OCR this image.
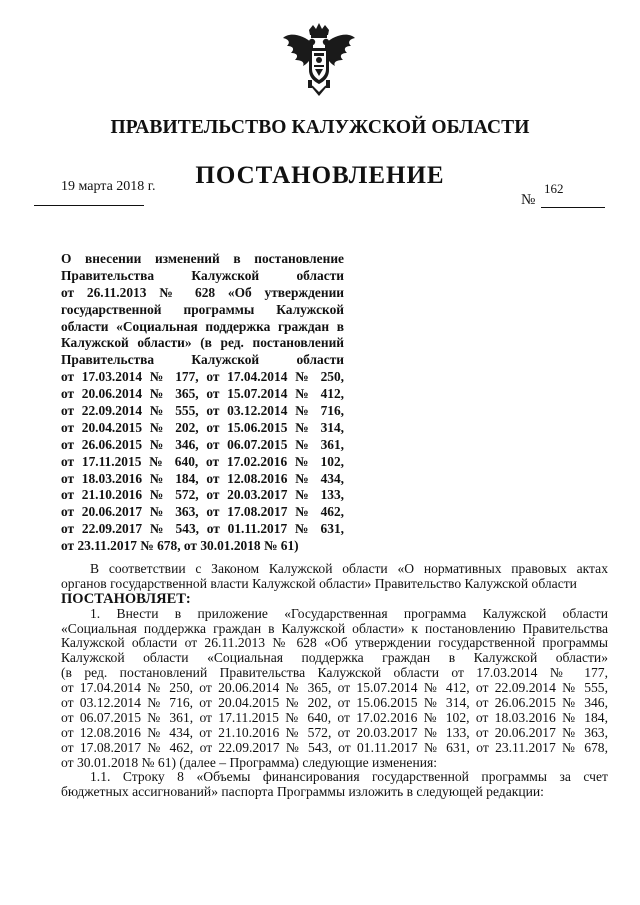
ПРАВИТЕЛЬСТВО КАЛУЖСКОЙ ОБЛАСТИ
ПОСТАНОВЛЕНИЕ
19 марта 2018 г.
№
162
О внесении изменений в постановление
Правительства Калужской области
от 26.11.2013 № 628 «Об утверждении
государственной программы Калужской
области «Социальная поддержка граждан в
Калужской области» (в ред. постановлений
Правительства Калужской области
от 17.03.2014 № 177, от 17.04.2014 № 250,
от 20.06.2014 № 365, от 15.07.2014 № 412,
от 22.09.2014 № 555, от 03.12.2014 № 716,
от 20.04.2015 № 202, от 15.06.2015 № 314,
от 26.06.2015 № 346, от 06.07.2015 № 361,
от 17.11.2015 № 640, от 17.02.2016 № 102,
от 18.03.2016 № 184, от 12.08.2016 № 434,
от 21.10.2016 № 572, от 20.03.2017 № 133,
от 20.06.2017 № 363, от 17.08.2017 № 462,
от 22.09.2017 № 543, от 01.11.2017 № 631,
от 23.11.2017 № 678, от 30.01.2018 № 61)
В соответствии с Законом Калужской области «О нормативных правовых актах
органов государственной власти Калужской области» Правительство Калужской области
ПОСТАНОВЛЯЕТ:
1. Внести в приложение «Государственная программа Калужской области
«Социальная поддержка граждан в Калужской области» к постановлению Правительства
Калужской области от 26.11.2013 № 628 «Об утверждении государственной программы
Калужской области «Социальная поддержка граждан в Калужской области»
(в ред. постановлений Правительства Калужской области от 17.03.2014 № 177,
от 17.04.2014 № 250, от 20.06.2014 № 365, от 15.07.2014 № 412, от 22.09.2014 № 555,
от 03.12.2014 № 716, от 20.04.2015 № 202, от 15.06.2015 № 314, от 26.06.2015 № 346,
от 06.07.2015 № 361, от 17.11.2015 № 640, от 17.02.2016 № 102, от 18.03.2016 № 184,
от 12.08.2016 № 434, от 21.10.2016 № 572, от 20.03.2017 № 133, от 20.06.2017 № 363,
от 17.08.2017 № 462, от 22.09.2017 № 543, от 01.11.2017 № 631, от 23.11.2017 № 678,
от 30.01.2018 № 61) (далее – Программа) следующие изменения:
1.1. Строку 8 «Объемы финансирования государственной программы за счет
бюджетных ассигнований» паспорта Программы изложить в следующей редакции:
